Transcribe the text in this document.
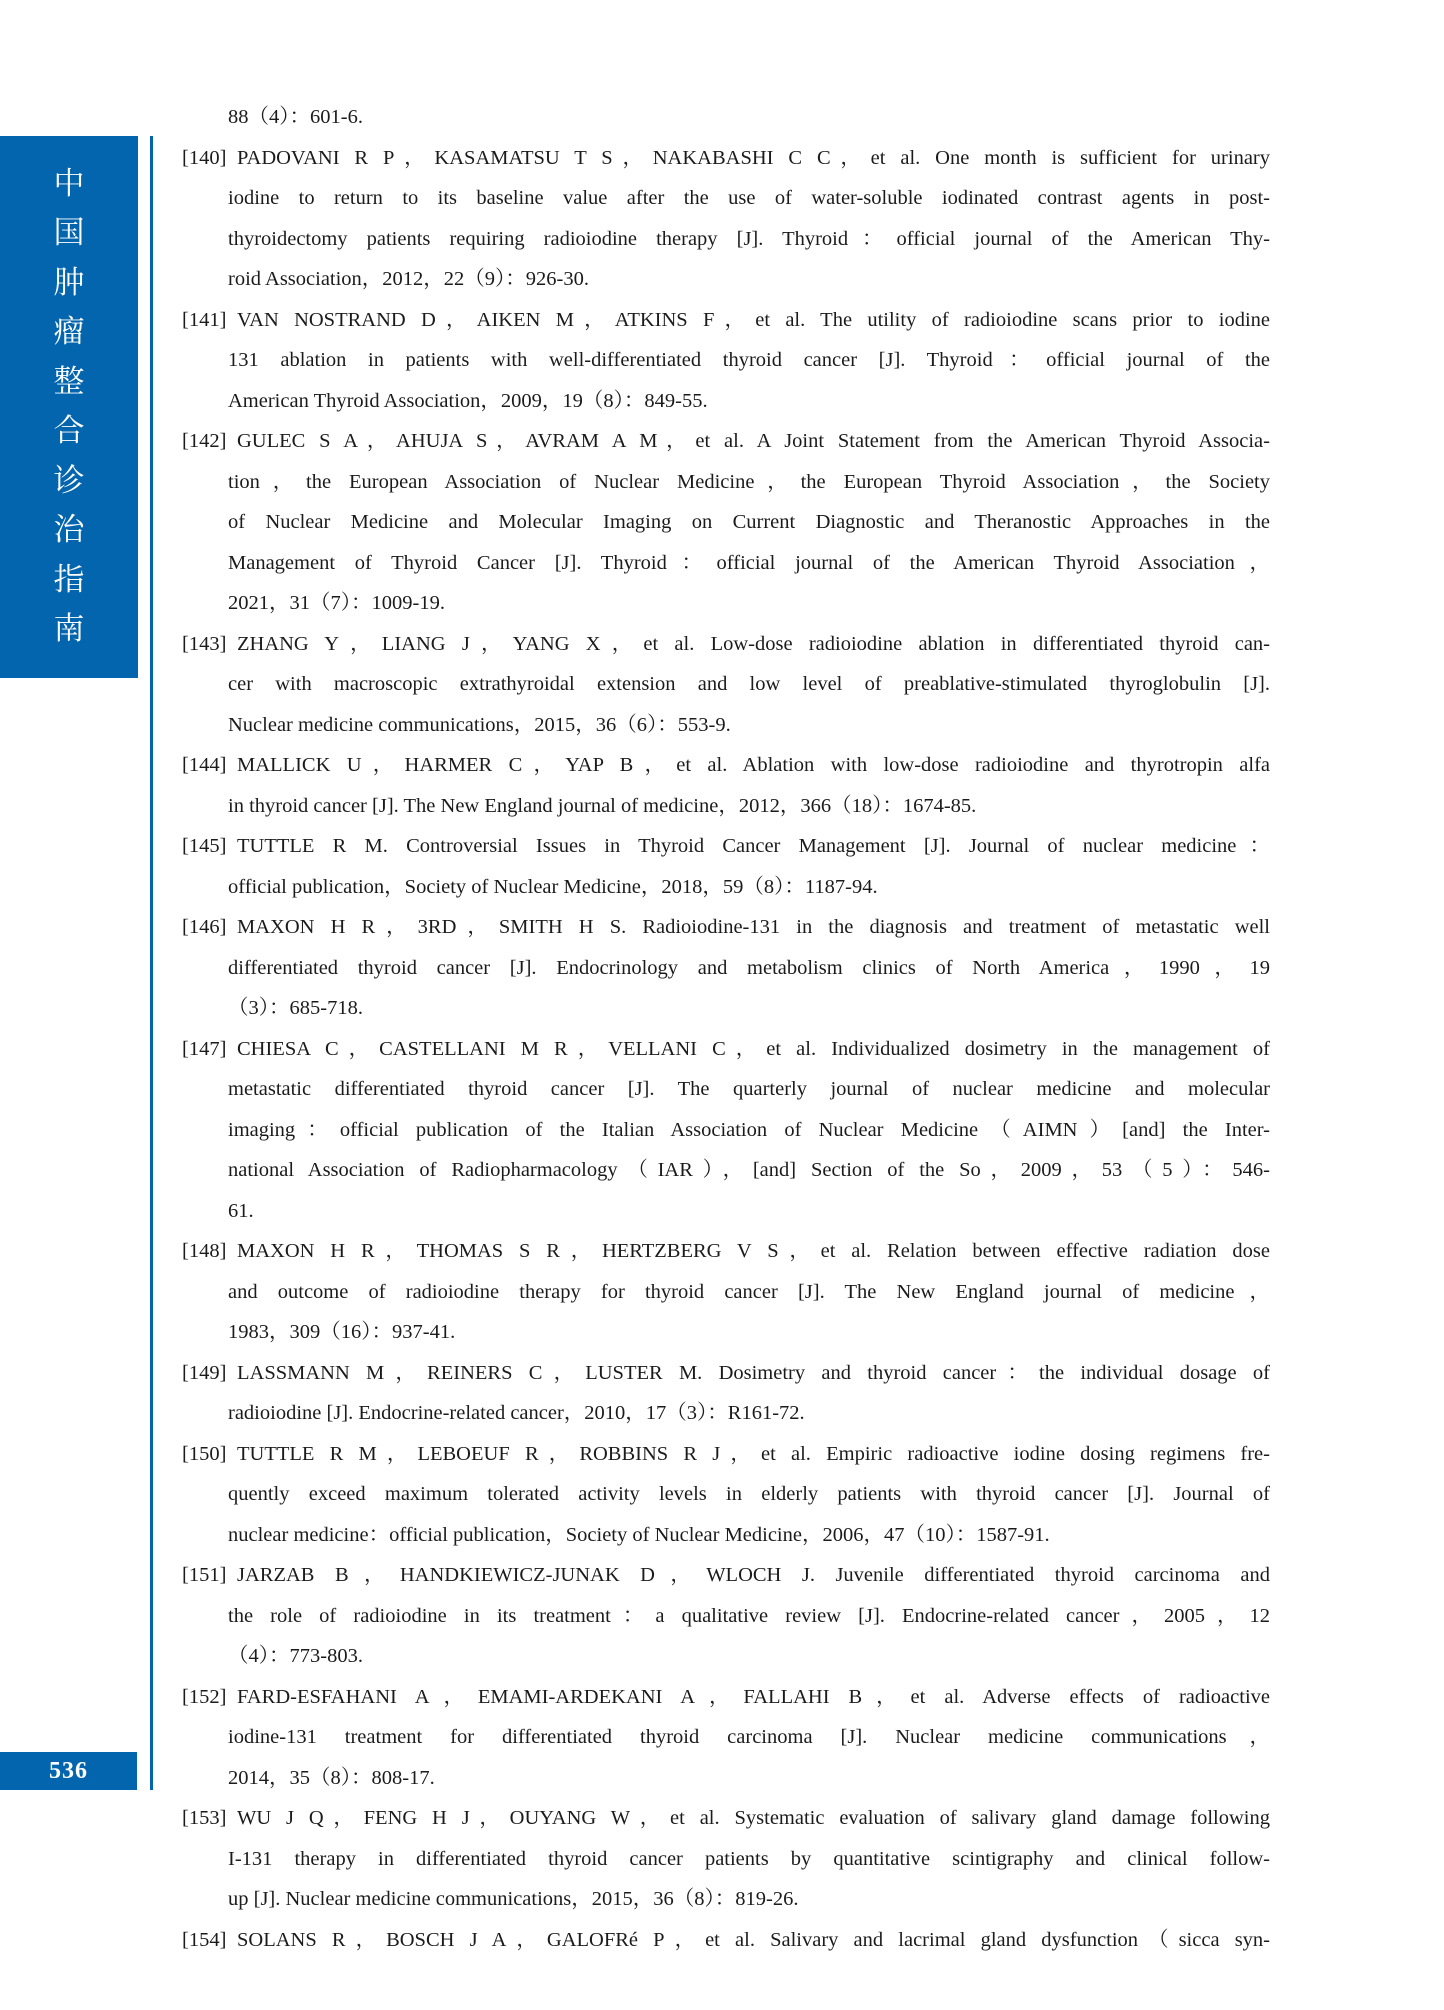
中
国
肿
瘤
整
合
诊
治
指
南
536
88（4）：601-6.
[140] PADOVANI R P，KASAMATSU T S，NAKABASHI C C，et al. One month is sufficient for urinary
iodine to return to its baseline value after the use of water-soluble iodinated contrast agents in post-
thyroidectomy patients requiring radioiodine therapy [J]. Thyroid：official journal of the American Thy-
roid Association，2012，22（9）：926-30.
[141] VAN NOSTRAND D，AIKEN M，ATKINS F，et al. The utility of radioiodine scans prior to iodine
131 ablation in patients with well-differentiated thyroid cancer [J]. Thyroid：official journal of the
American Thyroid Association，2009，19（8）：849-55.
[142] GULEC S A，AHUJA S，AVRAM A M，et al. A Joint Statement from the American Thyroid Associa-
tion，the European Association of Nuclear Medicine，the European Thyroid Association，the Society
of Nuclear Medicine and Molecular Imaging on Current Diagnostic and Theranostic Approaches in the
Management of Thyroid Cancer [J]. Thyroid：official journal of the American Thyroid Association，
2021，31（7）：1009-19.
[143] ZHANG Y，LIANG J，YANG X，et al. Low-dose radioiodine ablation in differentiated thyroid can-
cer with macroscopic extrathyroidal extension and low level of preablative-stimulated thyroglobulin [J].
Nuclear medicine communications，2015，36（6）：553-9.
[144] MALLICK U，HARMER C，YAP B，et al. Ablation with low-dose radioiodine and thyrotropin alfa
in thyroid cancer [J]. The New England journal of medicine，2012，366（18）：1674-85.
[145] TUTTLE R M. Controversial Issues in Thyroid Cancer Management [J]. Journal of nuclear medicine：
official publication，Society of Nuclear Medicine，2018，59（8）：1187-94.
[146] MAXON H R，3RD，SMITH H S. Radioiodine-131 in the diagnosis and treatment of metastatic well
differentiated thyroid cancer [J]. Endocrinology and metabolism clinics of North America，1990，19
（3）：685-718.
[147] CHIESA C，CASTELLANI M R，VELLANI C，et al. Individualized dosimetry in the management of
metastatic differentiated thyroid cancer [J]. The quarterly journal of nuclear medicine and molecular
imaging：official publication of the Italian Association of Nuclear Medicine（AIMN）[and] the Inter-
national Association of Radiopharmacology（IAR），[and] Section of the So，2009，53（5）：546-
61.
[148] MAXON H R，THOMAS S R，HERTZBERG V S，et al. Relation between effective radiation dose
and outcome of radioiodine therapy for thyroid cancer [J]. The New England journal of medicine，
1983，309（16）：937-41.
[149] LASSMANN M，REINERS C，LUSTER M. Dosimetry and thyroid cancer：the individual dosage of
radioiodine [J]. Endocrine-related cancer，2010，17（3）：R161-72.
[150] TUTTLE R M，LEBOEUF R，ROBBINS R J，et al. Empiric radioactive iodine dosing regimens fre-
quently exceed maximum tolerated activity levels in elderly patients with thyroid cancer [J]. Journal of
nuclear medicine：official publication，Society of Nuclear Medicine，2006，47（10）：1587-91.
[151] JARZAB B，HANDKIEWICZ-JUNAK D，WLOCH J. Juvenile differentiated thyroid carcinoma and
the role of radioiodine in its treatment：a qualitative review [J]. Endocrine-related cancer，2005，12
（4）：773-803.
[152] FARD-ESFAHANI A，EMAMI-ARDEKANI A，FALLAHI B，et al. Adverse effects of radioactive
iodine-131 treatment for differentiated thyroid carcinoma [J]. Nuclear medicine communications，
2014，35（8）：808-17.
[153] WU J Q，FENG H J，OUYANG W，et al. Systematic evaluation of salivary gland damage following
I-131 therapy in differentiated thyroid cancer patients by quantitative scintigraphy and clinical follow-
up [J]. Nuclear medicine communications，2015，36（8）：819-26.
[154] SOLANS R，BOSCH J A，GALOFRé P，et al. Salivary and lacrimal gland dysfunction（sicca syn-
